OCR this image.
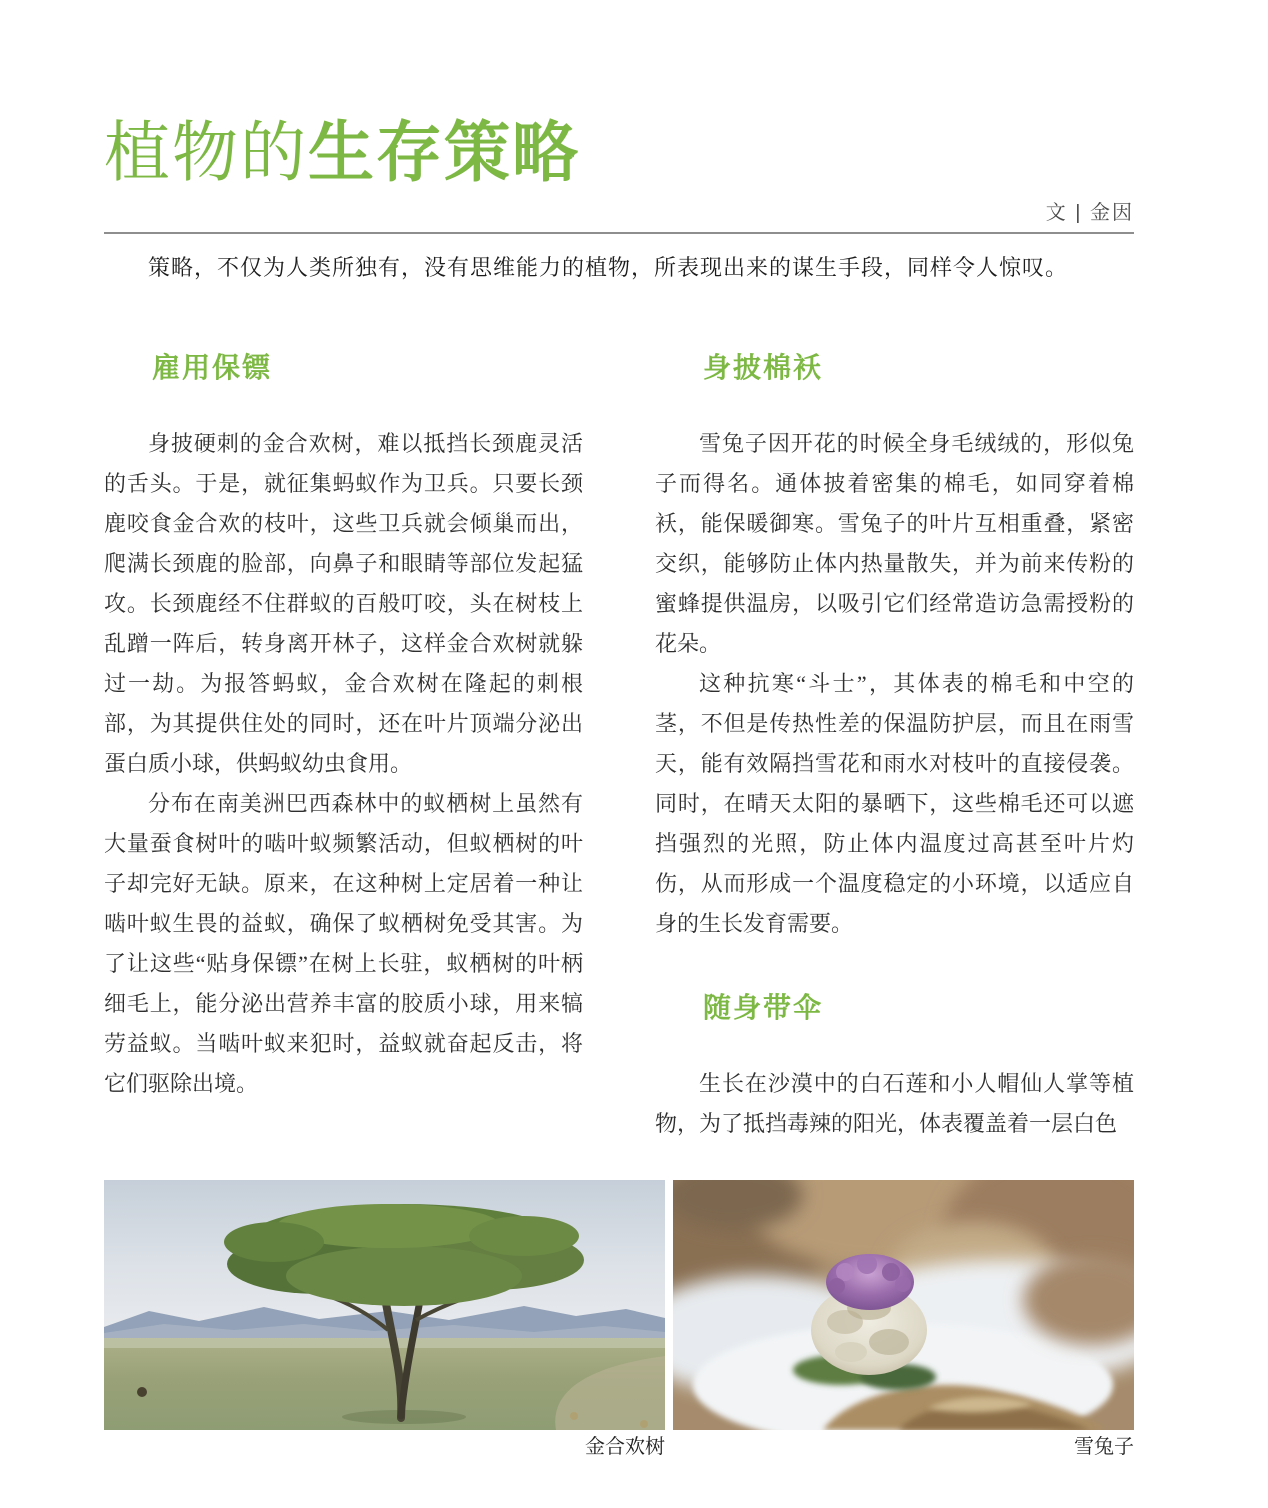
植物的生存策略
文 | 金因

策略，不仅为人类所独有，没有思维能力的植物，所表现出来的谋生手段，同样令人惊叹。

雇用保镖

身披硬刺的金合欢树，难以抵挡长颈鹿灵活的舌头。于是，就征集蚂蚁作为卫兵。只要长颈鹿咬食金合欢的枝叶，这些卫兵就会倾巢而出，爬满长颈鹿的脸部，向鼻子和眼睛等部位发起猛攻。长颈鹿经不住群蚁的百般叮咬，头在树枝上乱蹭一阵后，转身离开林子，这样金合欢树就躲过一劫。为报答蚂蚁，金合欢树在隆起的刺根部，为其提供住处的同时，还在叶片顶端分泌出蛋白质小球，供蚂蚁幼虫食用。

分布在南美洲巴西森林中的蚁栖树上虽然有大量蚕食树叶的啮叶蚁频繁活动，但蚁栖树的叶子却完好无缺。原来，在这种树上定居着一种让啮叶蚁生畏的益蚁，确保了蚁栖树免受其害。为了让这些“贴身保镖”在树上长驻，蚁栖树的叶柄细毛上，能分泌出营养丰富的胶质小球，用来犒劳益蚁。当啮叶蚁来犯时，益蚁就奋起反击，将它们驱除出境。

身披棉袄

雪兔子因开花的时候全身毛绒绒的，形似兔子而得名。通体披着密集的棉毛，如同穿着棉袄，能保暖御寒。雪兔子的叶片互相重叠，紧密交织，能够防止体内热量散失，并为前来传粉的蜜蜂提供温房，以吸引它们经常造访急需授粉的花朵。

这种抗寒“斗士”，其体表的棉毛和中空的茎，不但是传热性差的保温防护层，而且在雨雪天，能有效隔挡雪花和雨水对枝叶的直接侵袭。同时，在晴天太阳的暴晒下，这些棉毛还可以遮挡强烈的光照，防止体内温度过高甚至叶片灼伤，从而形成一个温度稳定的小环境，以适应自身的生长发育需要。

随身带伞

生长在沙漠中的白石莲和小人帽仙人掌等植物，为了抵挡毒辣的阳光，体表覆盖着一层白色

金合欢树	雪兔子
